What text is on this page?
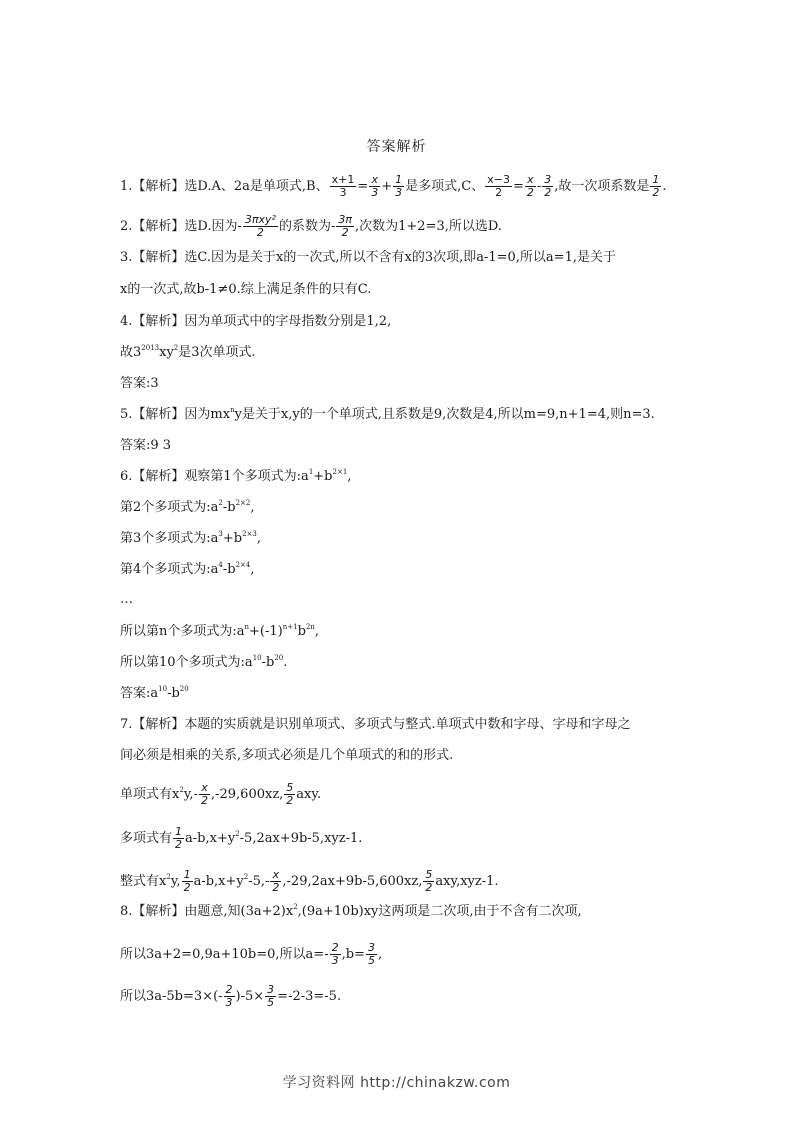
答案解析
1.【解析】选D.A、2a是单项式,B、 $\frac{x+1}{3} = \frac{x}{3} + \frac{1}{3}$ 是多项式,C、 $\frac{x-3}{2} = \frac{x}{2} - \frac{3}{2}$ ,故一次项系数是 $\frac{1}{2}$ .
2.【解析】选D.因为- $\frac{\text{3πxy²}}{2}$ 的系数为- $\frac{3\pi}{2}$ ,次数为1+2=3,所以选D.
3.【解析】选C.因为是关于x的一次式,所以不含有x的3次项,即a-1=0,所以a=1,是关于
x的一次式,故b-1≠0.综上满足条件的只有C.
4.【解析】因为单项式中的字母指数分别是1,2,
故$3^{2013}xy^2$是3次单项式.
答案:3
5.【解析】因为$mx^ny$是关于x,y的一个单项式,且系数是9,次数是4,所以m=9,n+1=4,则n=3.
答案:9 3
6.【解析】观察第1个多项式为$:a^1+b^{2\times 1}$,
第2个多项式为$:a^2-b^{2\times 2}$,
第3个多项式为$:a^3+b^{2\times 3}$,
第4个多项式为$:a^4-b^{2\times 4}$,
…
所以第n个多项式为$:a^n+(-1)^{n+1}b^{2n}$,
所以第10个多项式为$:a^{10}-b^{20}$.
答案$:a^{10}-b^{20}$
7.【解析】本题的实质就是识别单项式、多项式与整式.单项式中数和字母、字母和字母之
间必须是相乘的关系,多项式必须是几个单项式的和的形式.
单项式有$x^2y,- \frac{x}{2} ,-29,600xz$, $\frac{5}{2}$ axy.
多项式有 $\frac{1}{2} a-b,x+y^2-5,2ax+9b-5,xyz-1$.
整式有$x^2y$, $\frac{1}{2} a-b,x+y^2-5,- \frac{x}{2} ,-29,2ax+9b-5,600xz$, $\frac{5}{2} axy,xyz-1$.
8.【解析】由题意,知$(3a+2)x^2,(9a+10b)xy$这两项是二次项,由于不含有二次项,
所以3a+2=0,9a+10b=0,所以$a=- \frac{2}{3} ,b= \frac{3}{5}$ ,
所以$3a-5b=3\times(- \frac{2}{3} )-5\times \frac{3}{5} =-2-3=-5$.
学习资料网 http://chinakzw.com
